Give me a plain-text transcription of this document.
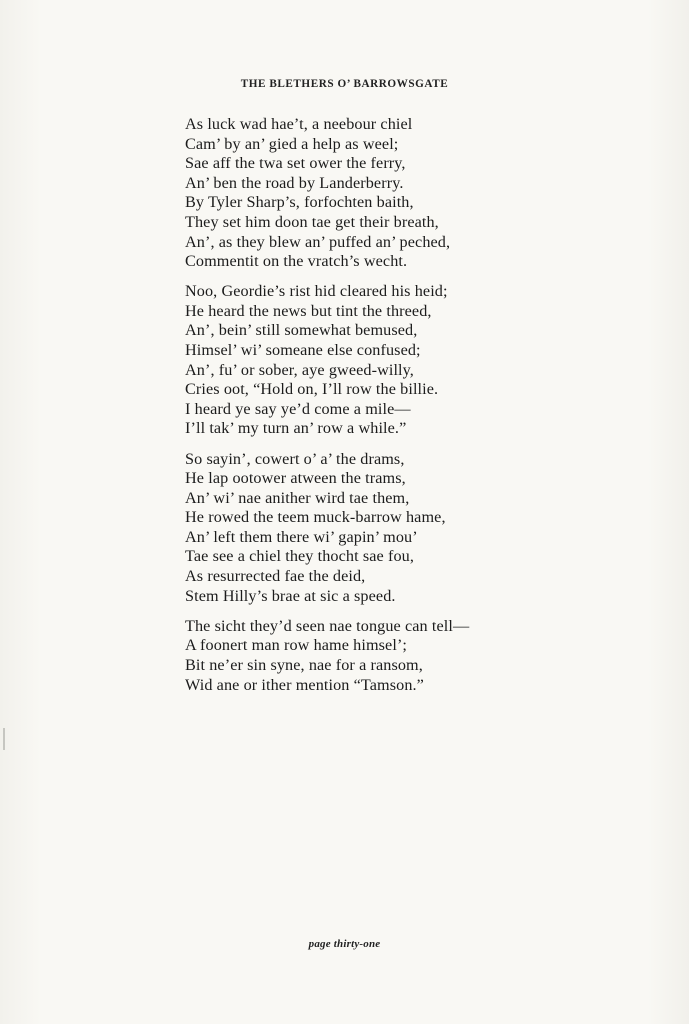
THE BLETHERS O’ BARROWSGATE
As luck wad hae’t, a neebour chiel
Cam’ by an’ gied a help as weel;
Sae aff the twa set ower the ferry,
An’ ben the road by Landerberry.
By Tyler Sharp’s, forfochten baith,
They set him doon tae get their breath,
An’, as they blew an’ puffed an’ peched,
Commentit on the vratch’s wecht.
Noo, Geordie’s rist hid cleared his heid;
He heard the news but tint the threed,
An’, bein’ still somewhat bemused,
Himsel’ wi’ someane else confused;
An’, fu’ or sober, aye gweed-willy,
Cries oot, “Hold on, I’ll row the billie.
I heard ye say ye’d come a mile—
I’ll tak’ my turn an’ row a while.”
So sayin’, cowert o’ a’ the drams,
He lap ootower atween the trams,
An’ wi’ nae anither wird tae them,
He rowed the teem muck-barrow hame,
An’ left them there wi’ gapin’ mou’
Tae see a chiel they thocht sae fou,
As resurrected fae the deid,
Stem Hilly’s brae at sic a speed.
The sicht they’d seen nae tongue can tell—
A foonert man row hame himsel’;
Bit ne’er sin syne, nae for a ransom,
Wid ane or ither mention “Tamson.”
page thirty-one
